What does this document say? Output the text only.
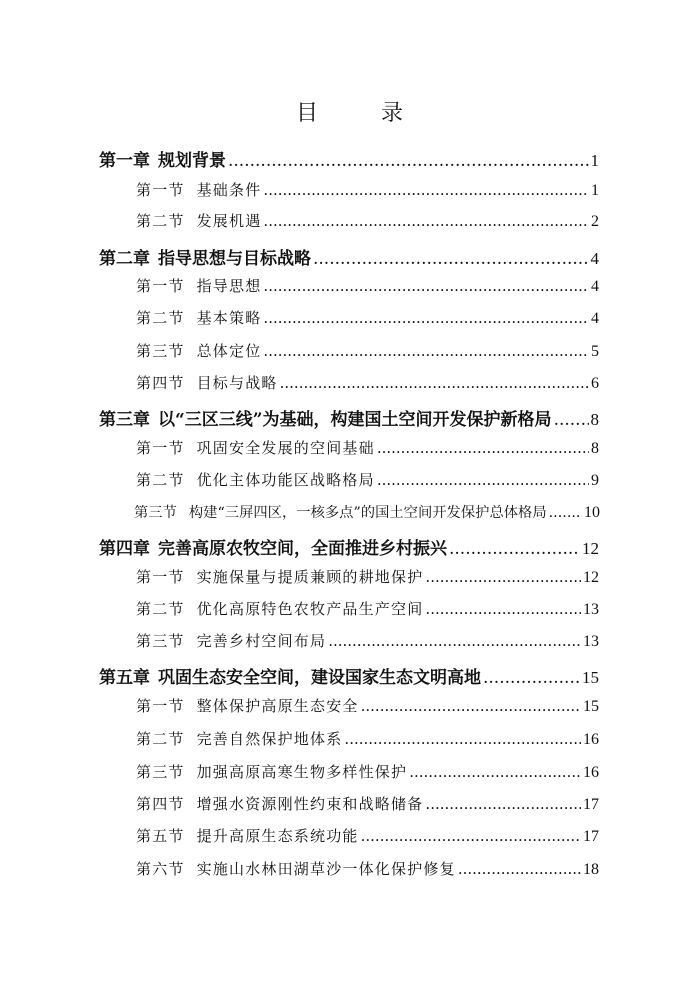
目 录
第一章 规划背景 .....	1
第一节 基础条件 .....	1
第二节 发展机遇 .....	2
第二章 指导思想与目标战略 .....	4
第一节 指导思想 .....	4
第二节 基本策略 .....	4
第三节 总体定位 .....	5
第四节 目标与战略 .....	6
第三章 以“三区三线”为基础，构建国土空间开发保护新格局 ..... 8
第一节 巩固安全发展的空间基础 .....	8
第二节 优化主体功能区战略格局 .....	9
第三节 构建“三屏四区，一核多点”的国土空间开发保护总体格局 ..... 10
第四章 完善高原农牧空间，全面推进乡村振兴 .....	12
第一节 实施保量与提质兼顾的耕地保护 .....	12
第二节 优化高原特色农牧产品生产空间 .....	13
第三节 完善乡村空间布局 .....	13
第五章 巩固生态安全空间，建设国家生态文明高地 .....	15
第一节 整体保护高原生态安全 .....	15
第二节 完善自然保护地体系 .....	16
第三节 加强高原高寒生物多样性保护 .....	16
第四节 增强水资源刚性约束和战略储备 .....	17
第五节 提升高原生态系统功能 .....	17
第六节 实施山水林田湖草沙一体化保护修复 .....	18
